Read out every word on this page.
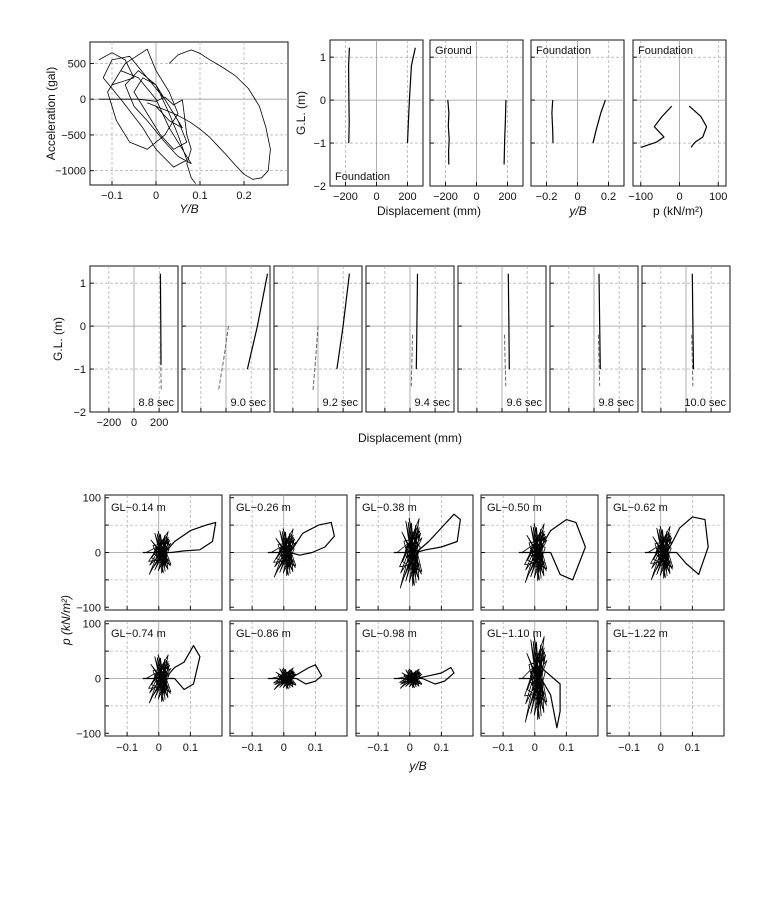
−0.1	0	0.1	0.2
500
0
−500
−1000
Y/B
Acceleration (gal)
−200 0 200
Foundation
1
0
−1
−2
G.L. (m)
−200 0 200
Ground
−0.2 0 0.2
Foundation
−100 0 100
Foundation
Displacement (mm)	y/B	p (kN/m²)
8.8 sec
−200 0 200
1
0
−1
−2
G.L. (m)
9.0 sec	9.2 sec	9.4 sec	9.6 sec	9.8 sec	10.0 sec
Displacement (mm)
GL−0.14 m
100
0
−100
GL−0.26 m	GL−0.38 m	GL−0.50 m	GL−0.62 m
GL−0.74 m
100
0
−100
−0.1 0 0.1
GL−0.86 m
−0.1 0 0.1
GL−0.98 m
−0.1 0 0.1
GL−1.10 m
−0.1 0 0.1
GL−1.22 m
−0.1 0 0.1
p (kN/m²)
y/B
